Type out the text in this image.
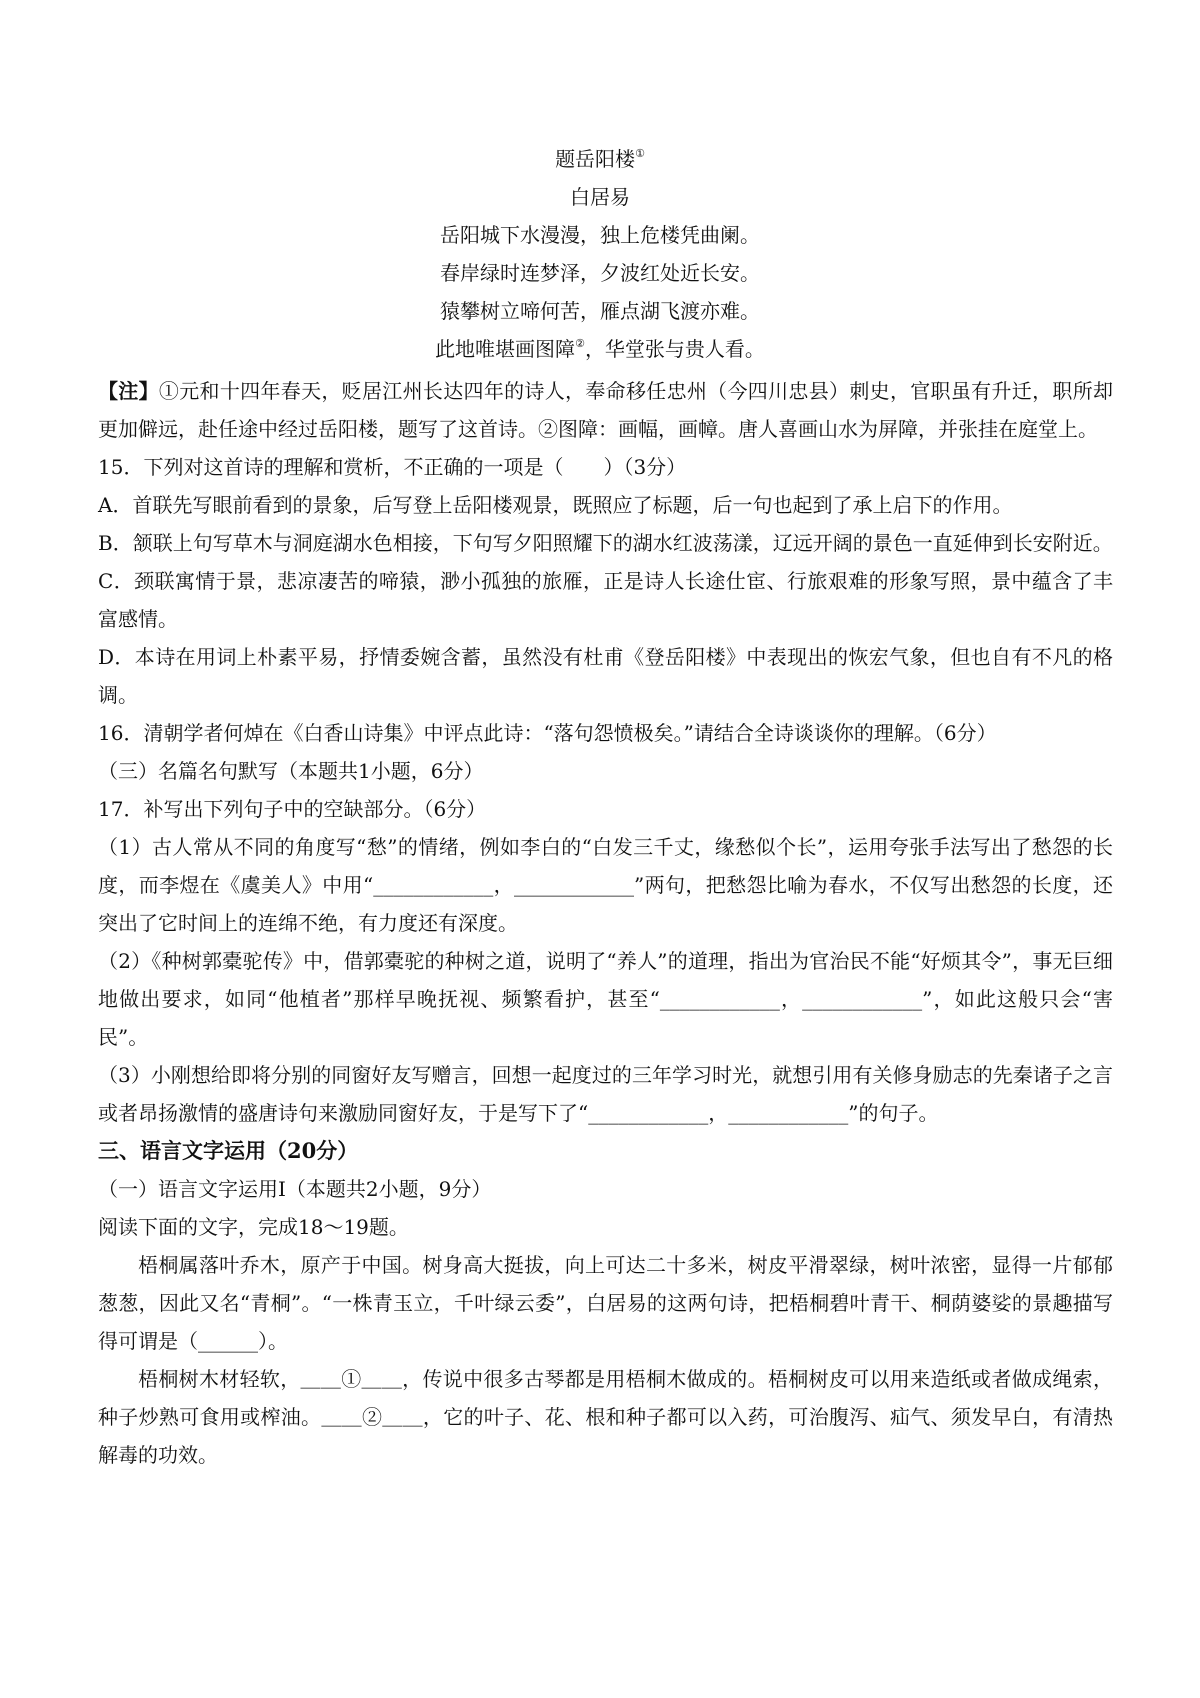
题岳阳楼①
白居易
岳阳城下水漫漫，独上危楼凭曲阑。
春岸绿时连梦泽，夕波红处近长安。
猿攀树立啼何苦，雁点湖飞渡亦难。
此地唯堪画图障②，华堂张与贵人看。

【注】①元和十四年春天，贬居江州长达四年的诗人，奉命移任忠州（今四川忠县）刺史，官职虽有升迁，职所却更加僻远，赴任途中经过岳阳楼，题写了这首诗。②图障：画幅，画幛。唐人喜画山水为屏障，并张挂在庭堂上。

15．下列对这首诗的理解和赏析，不正确的一项是（　　）（3分）

A．首联先写眼前看到的景象，后写登上岳阳楼观景，既照应了标题，后一句也起到了承上启下的作用。

B．颔联上句写草木与洞庭湖水色相接，下句写夕阳照耀下的湖水红波荡漾，辽远开阔的景色一直延伸到长安附近。

C．颈联寓情于景，悲凉凄苦的啼猿，渺小孤独的旅雁，正是诗人长途仕宦、行旅艰难的形象写照，景中蕴含了丰富感情。

D．本诗在用词上朴素平易，抒情委婉含蓄，虽然没有杜甫《登岳阳楼》中表现出的恢宏气象，但也自有不凡的格调。

16．清朝学者何焯在《白香山诗集》中评点此诗：“落句怨愤极矣。”请结合全诗谈谈你的理解。（6分）

（三）名篇名句默写（本题共1小题，6分）

17．补写出下列句子中的空缺部分。（6分）

（1）古人常从不同的角度写“愁”的情绪，例如李白的“白发三千丈，缘愁似个长”，运用夸张手法写出了愁怨的长度，而李煜在《虞美人》中用“____________，____________”两句，把愁怨比喻为春水，不仅写出愁怨的长度，还突出了它时间上的连绵不绝，有力度还有深度。

（2）《种树郭橐驼传》中，借郭橐驼的种树之道，说明了“养人”的道理，指出为官治民不能“好烦其令”，事无巨细地做出要求，如同“他植者”那样早晚抚视、频繁看护，甚至“____________，____________”，如此这般只会“害民”。

（3）小刚想给即将分别的同窗好友写赠言，回想一起度过的三年学习时光，就想引用有关修身励志的先秦诸子之言或者昂扬激情的盛唐诗句来激励同窗好友，于是写下了“____________，____________”的句子。

三、语言文字运用（20分）

（一）语言文字运用Ⅰ（本题共2小题，9分）

阅读下面的文字，完成18～19题。

梧桐属落叶乔木，原产于中国。树身高大挺拔，向上可达二十多米，树皮平滑翠绿，树叶浓密，显得一片郁郁葱葱，因此又名“青桐”。“一株青玉立，千叶绿云委”，白居易的这两句诗，把梧桐碧叶青干、桐荫婆娑的景趣描写得可谓是（______）。

梧桐树木材轻软，＿＿①＿＿，传说中很多古琴都是用梧桐木做成的。梧桐树皮可以用来造纸或者做成绳索，种子炒熟可食用或榨油。＿＿②＿＿，它的叶子、花、根和种子都可以入药，可治腹泻、疝气、须发早白，有清热解毒的功效。
